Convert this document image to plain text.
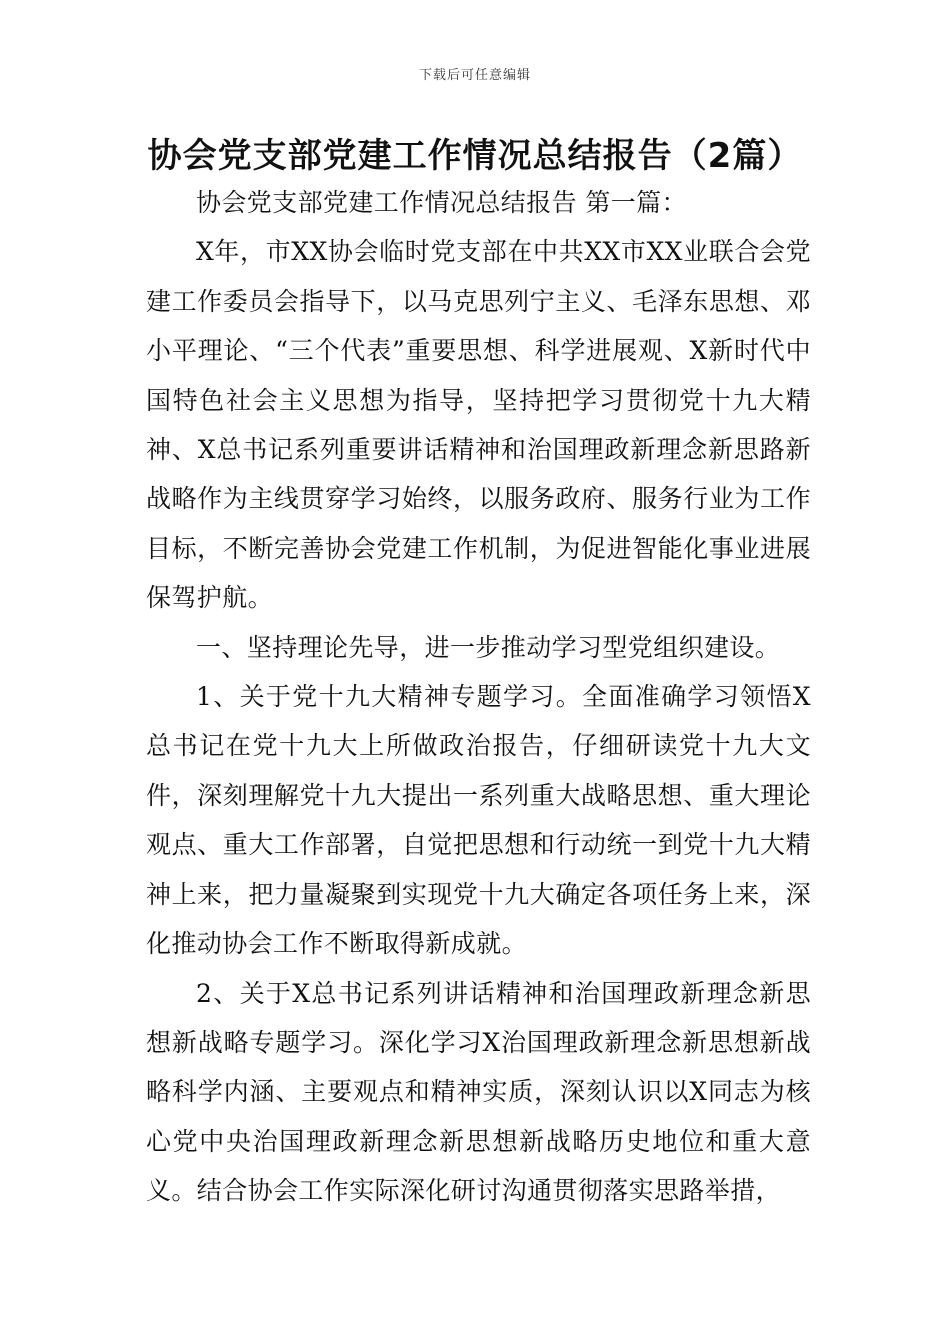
下载后可任意编辑
协会党支部党建工作情况总结报告（2篇）

协会党支部党建工作情况总结报告 第一篇：

X年，市XX协会临时党支部在中共XX市XX业联合会党建工作委员会指导下，以马克思列宁主义、毛泽东思想、邓小平理论、“三个代表”重要思想、科学进展观、X新时代中国特色社会主义思想为指导，坚持把学习贯彻党十九大精神、X总书记系列重要讲话精神和治国理政新理念新思路新战略作为主线贯穿学习始终，以服务政府、服务行业为工作目标，不断完善协会党建工作机制，为促进智能化事业进展保驾护航。

一、坚持理论先导，进一步推动学习型党组织建设。

1、关于党十九大精神专题学习。全面准确学习领悟X总书记在党十九大上所做政治报告，仔细研读党十九大文件，深刻理解党十九大提出一系列重大战略思想、重大理论观点、重大工作部署，自觉把思想和行动统一到党十九大精神上来，把力量凝聚到实现党十九大确定各项任务上来，深化推动协会工作不断取得新成就。

2、关于X总书记系列讲话精神和治国理政新理念新思想新战略专题学习。深化学习X治国理政新理念新思想新战略科学内涵、主要观点和精神实质，深刻认识以X同志为核心党中央治国理政新理念新思想新战略历史地位和重大意义。结合协会工作实际深化研讨沟通贯彻落实思路举措，
